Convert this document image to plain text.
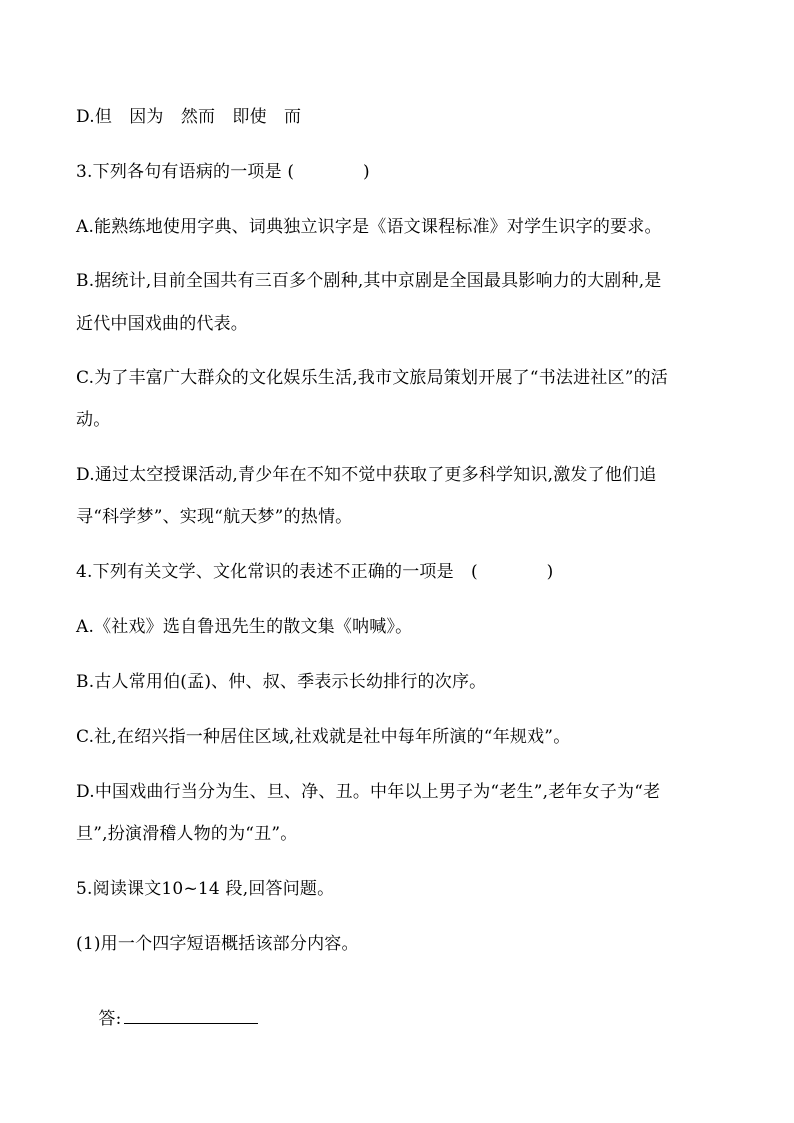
D.但　因为　然而　即使　而
3.下列各句有语病的一项是 (　　　　)
A.能熟练地使用字典、词典独立识字是《语文课程标准》对学生识字的要求。
B.据统计,目前全国共有三百多个剧种,其中京剧是全国最具影响力的大剧种,是
近代中国戏曲的代表。
C.为了丰富广大群众的文化娱乐生活,我市文旅局策划开展了“书法进社区”的活
动。
D.通过太空授课活动,青少年在不知不觉中获取了更多科学知识,激发了他们追
寻“科学梦”、实现“航天梦”的热情。
4.下列有关文学、文化常识的表述不正确的一项是　(　　　　)
A.《社戏》选自鲁迅先生的散文集《呐喊》。
B.古人常用伯(孟)、仲、叔、季表示长幼排行的次序。
C.社,在绍兴指一种居住区域,社戏就是社中每年所演的“年规戏”。
D.中国戏曲行当分为生、旦、净、丑。中年以上男子为“老生”,老年女子为“老
旦”,扮演滑稽人物的为“丑”。
5.阅读课文10~14 段,回答问题。
(1)用一个四字短语概括该部分内容。

答:
